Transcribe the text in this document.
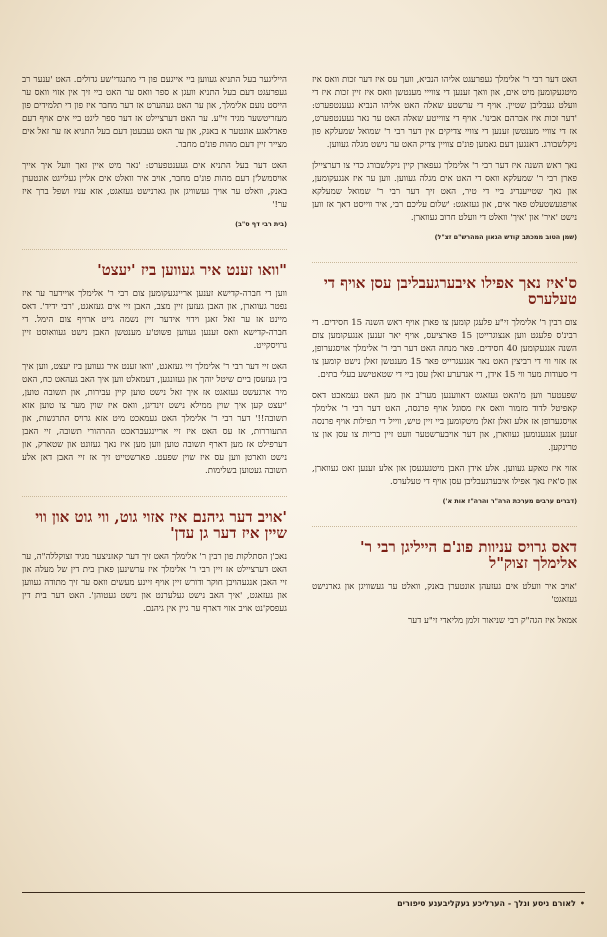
האט דער רבי ר' אלימלך געפרעגט אליהו הנביא, וועך עס איז דער זכות וואס איז מיטגעקומען מיט אים, און וואך זענען די צווייי מענטשן וואס איז זיין זכות איז די וועלט געבליבן שטיין. אויף די ערשטע שאלה האט אליהו הנביא געענטפערט: 'דער זכות איז אברהם אבינו'. אויף די צווייטע שאלה האט ער נאר געענטפערט, אז די צוויי מענטשן זענען די צוויי צדיקים אין דער רבי ר' שמואל שמעלקא פון ניקלשבורג. דאנגען דעם גאמען פונ'ם צוויין צדיק האט ער נישט מגלה געווען.

נאך ראש השנה איז דער רבי ר' אלימלך געפארן קיין ניקלשבורג כדי צו דערציילן פארן רבי ר' שמעלקא וואס די האט אים מגלה געווען. ווען ער איז אנגעקומען, און נאך שטייענדיג ביי די טיר, האט זיך דער רבי ר' שמואל שמעלקא אויפגעשטעלט פאר אים, און געזאגט: 'שלום עליכם רבי, איר ווייסט דאך אז ווען נישט 'איר' און 'איך' וואלט די וועלט חרוב געווארן.

(שמן הטוב ממכתב קודש הגאון המהרש"ם זצ"ל)
ס'איז נאך אפילו איבערגעבליבן עסן אויף די טעלערס

צום רבין ר' אלימלך זי"ע פלעגן קומען צו פארן אויף ראש השנה 15 חסידים. די רבינ'ס פלעגט ווען אנצוגרייטן 15 פארציעס, אויף יאר זענען אנגעקומען צום השנה אנגעקומען 40 חסידים. פאר מנחה האט דער רבי ר' אלימלך אויסגערופן, אז אזוי ווי די רביצין האט נאר אנגעגרייט פאר 15 מענטשן זאלן נישט קומען צו די סעודות מער ווי 15 אידן, די אנדערע זאלן עסן ביי די שטאטישע בעלי בתים.

שפעטער ווען מ'האט געזאגט דאווענען מער'ב און מען האט געמאכט דאס קאפיטל לדוד מזמור וואס איז מסוגל אויף פרנסה, האט דער רבי ר' אלימלך אויסגערופן אז אלע זאלן זאלן מיטקומען ביי זיין טיש, ווייל די תפילות אויף פרנסה זענען אנגענומען געווארן, און דער אויבערשטער וועט זיין בריות צו עסן און צו טרינקען.

אזוי איז טאקע געווען. אלע אידן האבן מיטגעגעסן און אלע זענען זאט געווארן, און ס'איז נאך אפילו איבערגעבליבן עסן אויף די טעלערס.

(דברים ערבים מערכת הרה"ר והרה"ז אות א')
דאס גרויס עניוות פונ'ם הייליגן רבי ר' אלימלך זצוק"ל

'אויב איר וועלט אים געזעהן אונטערן באנק, וואלט ער געשוויגן און גארנישט געזאגט'

אמאל איז הגה"ק רבי שניאור זלמן מליאדי זי"ע דער

הייליגער בעל התניא געווען ביי אייגעם פון די מתנגדי'שע גדולים. האט 'ענער רב געפרעגט דעם בעל התניא וועגן א ספר וואס ער האט ביי זיך אין אזוי וואס ער הייסט נועם אלימלך, און ער האט געהערט אז דער מחבר איז פון די תלמידים פון מעזריטשער מגיד זי"ע. ער האט דערציילט אז דער ספר ליגט ביי אים אויף דעם פאדלאגע אונטער א באנק, און ער האט געבעטן דעם בעל התניא אז ער זאל אים מצייר זיין דעם מהות פונ'ם מחבר.

האט דער בעל התניא אים געענטפערט: 'נאר מיט איין זאך וועל איך אייך אויסמשל'ן דעם מהות פונ'ם מחבר, אויב איר וואלט אים אליין געלייגט אונטערן באנק, וואלט ער אויך געשוויגן און גארנישט געזאגט, אזא עניו ושפל ברך איז ער!'

(בית רבי דף ס"ב)
"וואו זענט איר געווען ביז 'יעצט'

ווען די חברה-קדישא זענען אריינגעקומען צום רבי ר' אלימלך אויידער ער איז נפטר געווארן, און האבן געזען זיין מצב, האבן זיי אים געזאגט, 'רבי ידיד'. דאס מיינט אז ער זאל זאגן וידוי אידער זיין נשמה גייט ארויף צום הימל. די חברה-קדישא וואס זענען געווען פשוט'ע מענטשן האבן נישט געוואוסט זיין גרויסקייט.

האט זיי דער רבי ר' אלימלך זיי געזאגט, 'וואו זענט איר געווען ביז יעצט, ווען איך בין געזעסן ביים שיטל יוהך און געזונגען, דעמאלט ווען איך האב געהאט כח, האט מיר ארגעשט געזאגט אז איך זאל נישט טוען קיין עבירות, און תשובה טוען, 'יעצט קען איך שוין ממילא נישט זינדיגן, וואס איז שוין מער צו טוען אזא תשובה!!' דער רבי ר' אלימלך האט געמאכט מיט אזא גרויס התרגשות, און התעוררות, אז עס האט איז זיי אריינגעבראכט ההרהורי תשובה, זיי האבן דערפילט אז מען דארף תשובה טוען ווען מען איז נאך געזונט און שטארק, און נישט ווארטן ווען עס איז שוין שפעט. פארשטייט זיך אז זיי האבן דאן אלע תשובה געטוען בשלימות.

'אויב דער גיהנם איז אזוי גוט, ווי גוט און ווי שיין איז דער גן עדן'

נאכ'ן הסתלקות פון רבין ר' אלימלך האט זיך דער קאזניצער מגיד זצוקללה"ה, ער האט דערציילט אז זיין רבי ר' אלימלך איז ערשינען פארן בית דין של מעלה און זיי האבן אנגעהויבן חוקר ודורש זיין אויף זיינע מעשים וואס ער זיך מתודה געווען און געזאגט, 'איך האב נישט געלערנט און נישט געטוהן'. האט דער בית דין געפסק'נט אויב אזוי דארף ער גיין אין גיהנם.

•לאורם ניסע ונלך - הערליכע געקליבענע סיפורים
